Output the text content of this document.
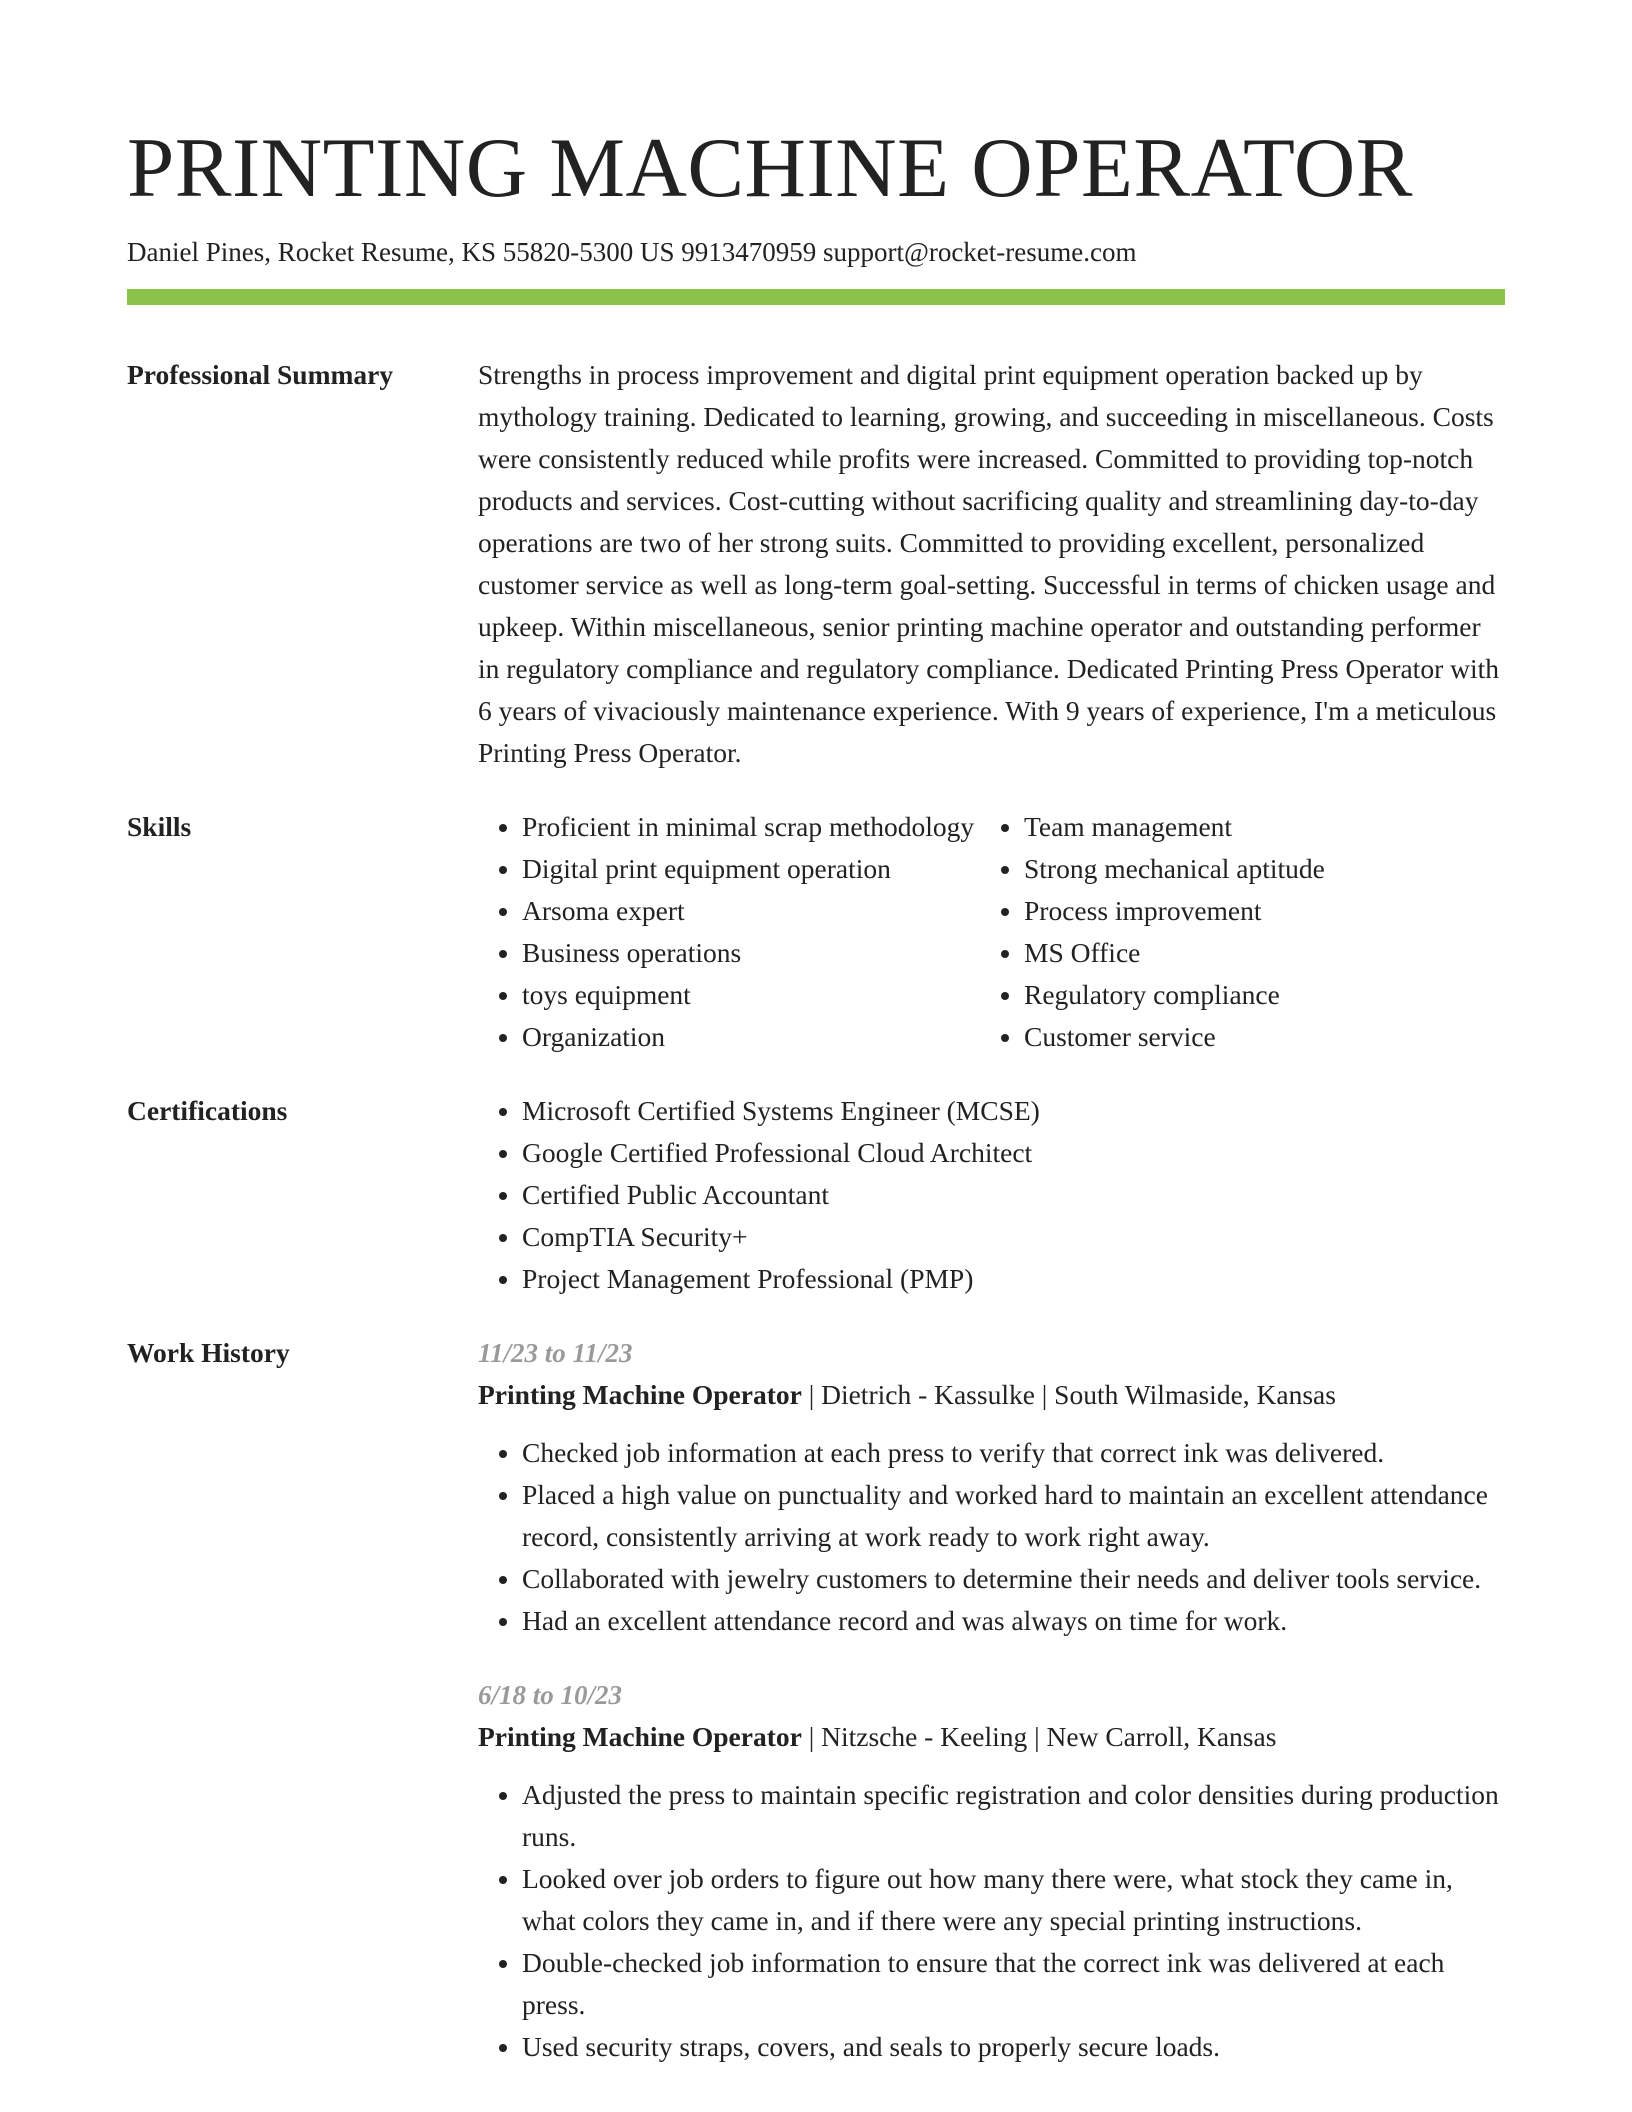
PRINTING MACHINE OPERATOR
Daniel Pines, Rocket Resume, KS 55820-5300 US 9913470959 support@rocket-resume.com
Professional Summary	Strengths in process improvement and digital print equipment operation backed up by mythology training. Dedicated to learning, growing, and succeeding in miscellaneous. Costs were consistently reduced while profits were increased. Committed to providing top-notch products and services. Cost-cutting without sacrificing quality and streamlining day-to-day operations are two of her strong suits. Committed to providing excellent, personalized customer service as well as long-term goal-setting. Successful in terms of chicken usage and upkeep. Within miscellaneous, senior printing machine operator and outstanding performer in regulatory compliance and regulatory compliance. Dedicated Printing Press Operator with 6 years of vivaciously maintenance experience. With 9 years of experience, I'm a meticulous Printing Press Operator.
Skills	• Proficient in minimal scrap methodology
• Digital print equipment operation
• Arsoma expert
• Business operations
• toys equipment
• Organization
• Team management
• Strong mechanical aptitude
• Process improvement
• MS Office
• Regulatory compliance
• Customer service
Certifications	• Microsoft Certified Systems Engineer (MCSE)
• Google Certified Professional Cloud Architect
• Certified Public Accountant
• CompTIA Security+
• Project Management Professional (PMP)
Work History	11/23 to 11/23
Printing Machine Operator | Dietrich - Kassulke | South Wilmaside, Kansas
• Checked job information at each press to verify that correct ink was delivered.
• Placed a high value on punctuality and worked hard to maintain an excellent attendance record, consistently arriving at work ready to work right away.
• Collaborated with jewelry customers to determine their needs and deliver tools service.
• Had an excellent attendance record and was always on time for work.
6/18 to 10/23
Printing Machine Operator | Nitzsche - Keeling | New Carroll, Kansas
• Adjusted the press to maintain specific registration and color densities during production runs.
• Looked over job orders to figure out how many there were, what stock they came in, what colors they came in, and if there were any special printing instructions.
• Double-checked job information to ensure that the correct ink was delivered at each press.
• Used security straps, covers, and seals to properly secure loads.
